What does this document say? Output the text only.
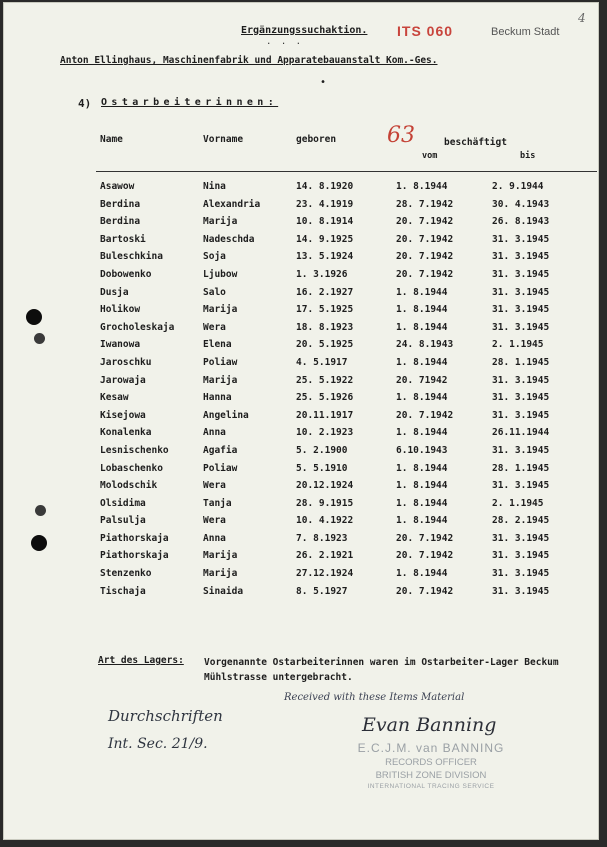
Ergänzungssuchaktion. ITS 060	Beckum Stadt
4
. . .
Anton Ellinghaus, Maschinenfabrik und Apparatebauanstalt Kom.-Ges.
•
4) Ostarbeiterinnen:
Name	Vorname	geboren 63	beschäftigt
vom	bis
Asawow	Nina	14. 8.1920	1. 8.1944	2. 9.1944
Berdina	Alexandria	23. 4.1919	28. 7.1942	30. 4.1943
Berdina	Marija	10. 8.1914	20. 7.1942	26. 8.1943
Bartoski	Nadeschda	14. 9.1925	20. 7.1942	31. 3.1945
Buleschkina	Soja	13. 5.1924	20. 7.1942	31. 3.1945
Dobowenko	Ljubow	1. 3.1926	20. 7.1942	31. 3.1945
Dusja	Salo	16. 2.1927	1. 8.1944	31. 3.1945
Holikow	Marija	17. 5.1925	1. 8.1944	31. 3.1945
Grocholeskaja	Wera	18. 8.1923	1. 8.1944	31. 3.1945
Iwanowa	Elena	20. 5.1925	24. 8.1943	2. 1.1945
Jaroschku	Poliaw	4. 5.1917	1. 8.1944	28. 1.1945
Jarowaja	Marija	25. 5.1922	20. 71942	31. 3.1945
Kesaw	Hanna	25. 5.1926	1. 8.1944	31. 3.1945
Kisejowa	Angelina	20.11.1917	20. 7.1942	31. 3.1945
Konalenka	Anna	10. 2.1923	1. 8.1944	26.11.1944
Lesnischenko	Agafia	5. 2.1900	6.10.1943	31. 3.1945
Lobaschenko	Poliaw	5. 5.1910	1. 8.1944	28. 1.1945
Molodschik	Wera	20.12.1924	1. 8.1944	31. 3.1945
Olsidima	Tanja	28. 9.1915	1. 8.1944	2. 1.1945
Palsulja	Wera	10. 4.1922	1. 8.1944	28. 2.1945
Piathorskaja	Anna	7. 8.1923	20. 7.1942	31. 3.1945
Piathorskaja	Marija	26. 2.1921	20. 7.1942	31. 3.1945
Stenzenko	Marija	27.12.1924	1. 8.1944	31. 3.1945
Tischaja	Sinaida	8. 5.1927	20. 7.1942	31. 3.1945
Art des Lagers: Vorgenannte Ostarbeiterinnen waren im Ostarbeiter-Lager Beckum Mühlstrasse untergebracht.
Durchschriften
Int. Sec. 21/9.
Received with these Items Material
Evan Banning
E.C.J.M. van BANNING
RECORDS OFFICER
BRITISH ZONE DIVISION
INTERNATIONAL TRACING SERVICE
